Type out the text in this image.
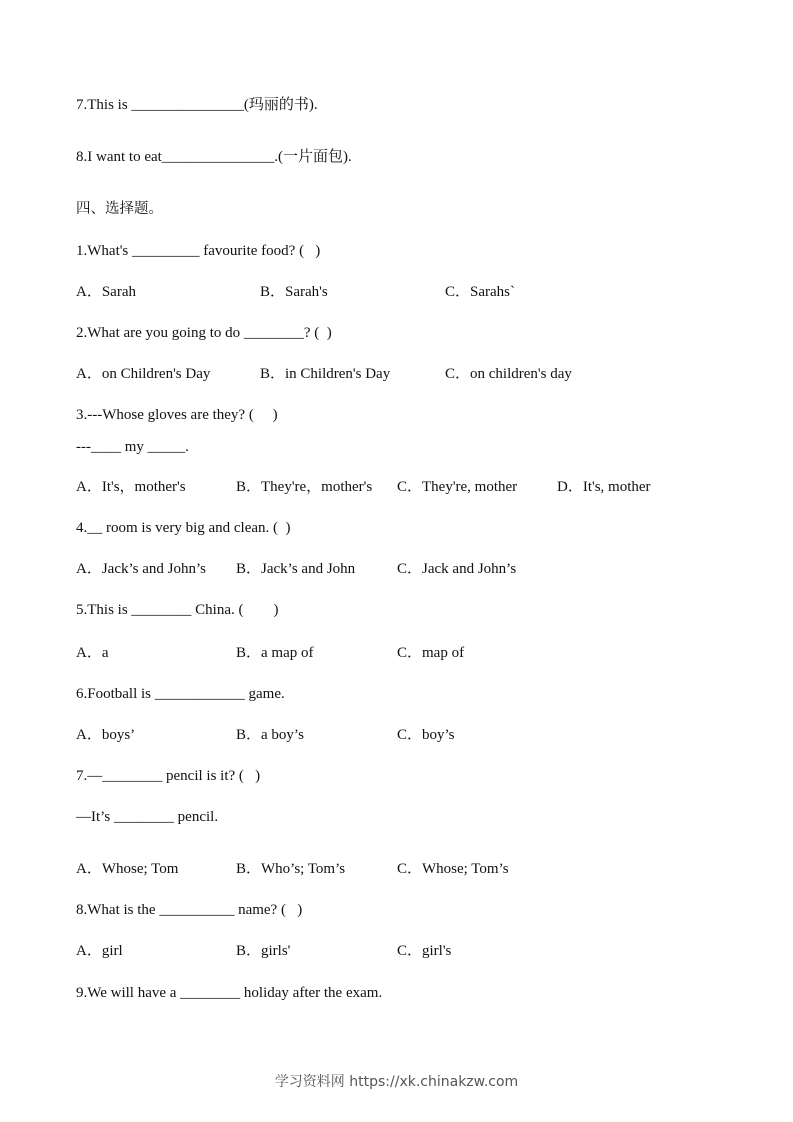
7.This is _______________(玛丽的书).
8.I want to eat_______________.(一片面包).
四、选择题。
1.What's _________ favourite food? (   )
A．Sarah	B．Sarah's	C．Sarahs`
2.What are you going to do ________? (  )
A．on Children's Day	B．in Children's Day	C．on children's day
3.---Whose gloves are they? (     )
---____ my _____.
A．It's，mother's	B．They're，mother's C．They're, mother	D．It's, mother
4.__ room is very big and clean. (  )
A．Jack’s and John’s B．Jack’s and John	C．Jack and John’s
5.This is ________ China. (        )
A．a	B．a map of	C．map of
6.Football is ____________ game.
A．boys’	B．a boy’s	C．boy’s
7.—________ pencil is it? (   )
—It’s ________ pencil.
A．Whose; Tom	B．Who’s; Tom’s	C．Whose; Tom’s
8.What is the __________ name? (   )
A．girl	B．girls'	C．girl's
9.We will have a ________ holiday after the exam.
学习资料网 https://xk.chinakzw.com
